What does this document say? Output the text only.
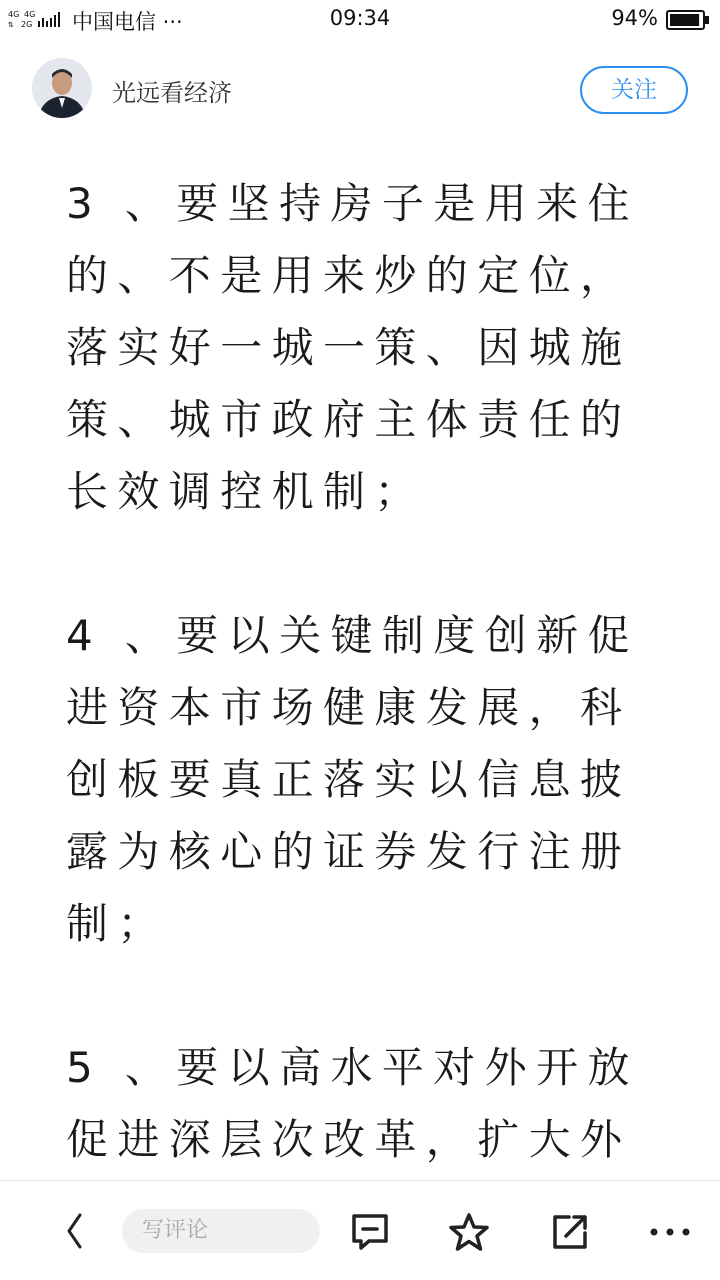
4G
⇅
4G
2G 中国电信 ···	09:34	94%
光远看经济	关注

3 、要坚持房子是用来住的、不是用来炒的定位，落实好一城一策、因城施策、城市政府主体责任的长效调控机制；

4 、要以关键制度创新促进资本市场健康发展，科创板要真正落实以信息披露为核心的证券发行注册制；

5 、要以高水平对外开放促进深层次改革，扩大外

写评论
